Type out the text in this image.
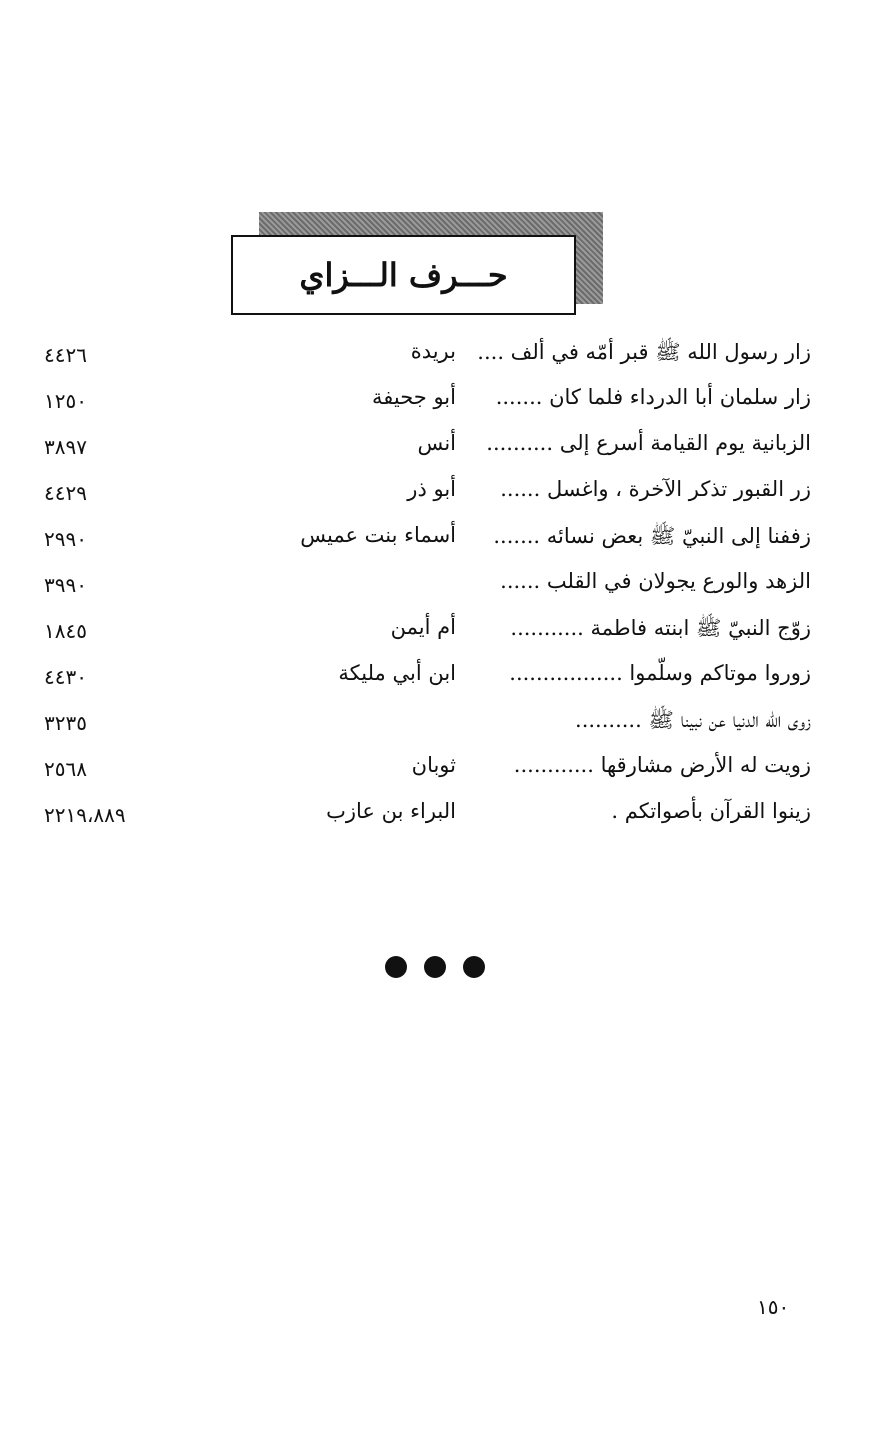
حـــرف الـــزاي
زار رسول الله ﷺ قبر أمّه في ألف ....
بريدة
٤٤٢٦
زار سلمان أبا الدرداء فلما كان .......
أبو جحيفة
١٢٥٠
الزبانية يوم القيامة أسرع إلى ..........
أنس
٣٨٩٧
زر القبور تذكر الآخرة ، واغسل ......
أبو ذر
٤٤٢٩
زففنا إلى النبيّ ﷺ بعض نسائه .......
أسماء بنت عميس
٢٩٩٠
الزهد والورع يجولان في القلب ......
٣٩٩٠
زوّج النبيّ ﷺ ابنته فاطمة ...........
أم أيمن
١٨٤٥
زوروا موتاكم وسلّموا .................
ابن أبي مليكة
٤٤٣٠
زوى الله الدنيا عن نبينا ﷺ ..........
٣٢٣٥
زويت له الأرض مشارقها ............
ثوبان
٢٥٦٨
زينوا القرآن بأصواتكم .
البراء بن عازب
٢٢١٩،٨٨٩
١٥٠
